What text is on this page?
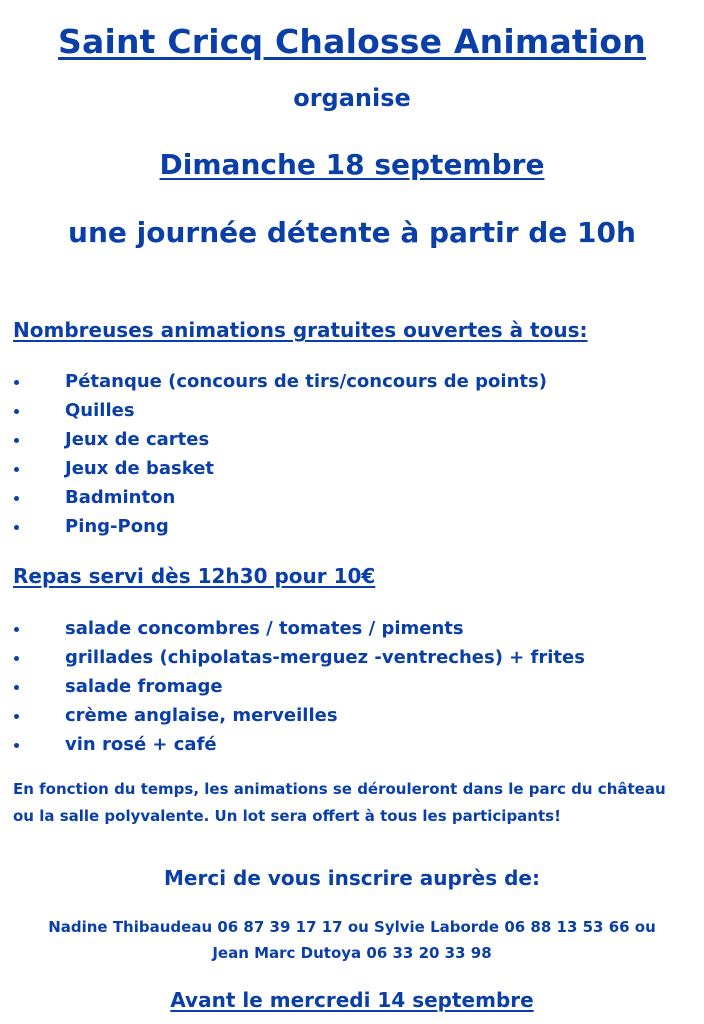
Saint Cricq Chalosse Animation
organise
Dimanche 18 septembre
une journée détente à partir de 10h
Nombreuses animations gratuites ouvertes à tous:
Pétanque (concours de tirs/concours de points)
Quilles
Jeux de cartes
Jeux de basket
Badminton
Ping-Pong
Repas servi dès 12h30 pour 10€
salade concombres / tomates / piments
grillades (chipolatas-merguez -ventreches) + frites
salade fromage
crème anglaise, merveilles
vin rosé + café

En fonction du temps, les animations se dérouleront dans le parc du château
ou la salle polyvalente. Un lot sera offert à tous les participants!

Merci de vous inscrire auprès de:
Nadine Thibaudeau 06 87 39 17 17 ou Sylvie Laborde 06 88 13 53 66 ou
Jean Marc Dutoya 06 33 20 33 98
Avant le mercredi 14 septembre
